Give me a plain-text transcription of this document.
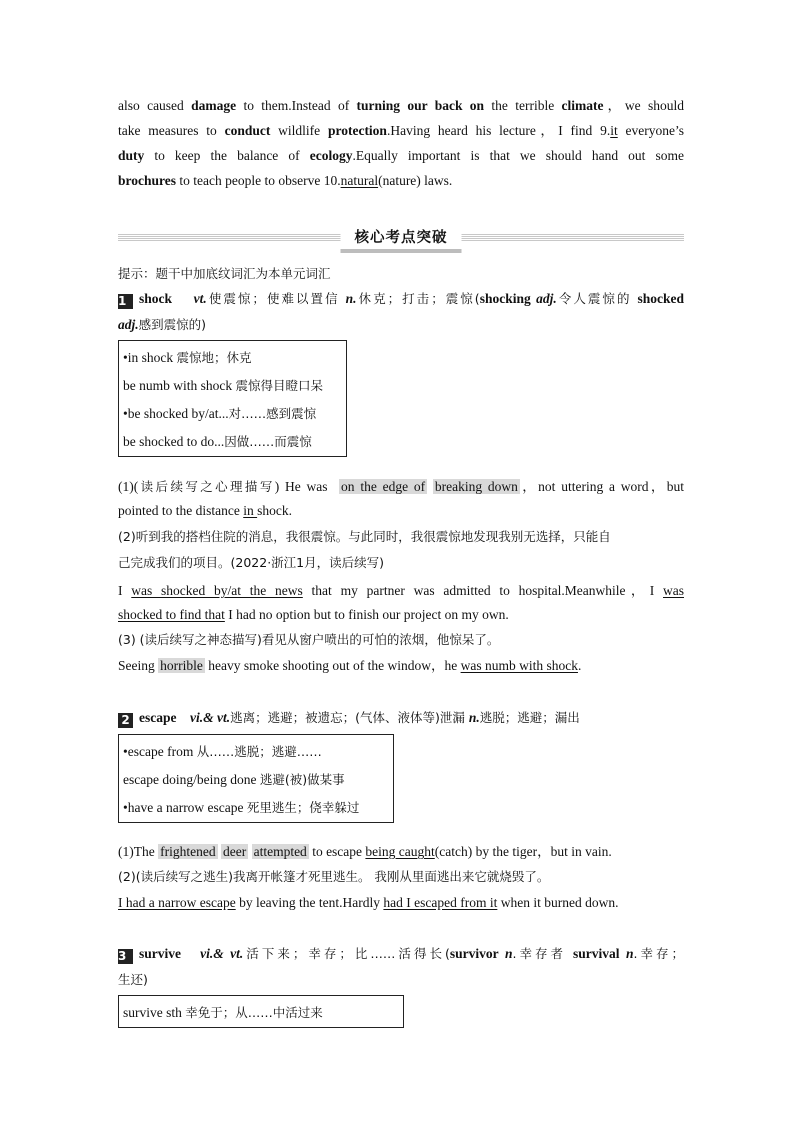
also caused damage to them.Instead of turning our back on the terrible climate，we should
take measures to conduct wildlife protection.Having heard his lecture，I find 9.it everyone’s
duty to keep the balance of ecology.Equally important is that we should hand out some
brochures to teach people to observe 10.natural(nature) laws.
核心考点突破
提示：题干中加底纹词汇为本单元词汇
1 shock vt.使震惊；使难以置信 n.休克；打击；震惊(shocking adj.令人震惊的 shocked
adj.感到震惊的)
•in shock 震惊地；休克
be numb with shock 震惊得目瞪口呆
•be shocked by/at...对……感到震惊
be shocked to do...因做……而震惊
(1)(读后续写之心理描写) He was  on the edge of breaking down ，not uttering a word，but
pointed to the distance in shock.
(2)听到我的搭档住院的消息，我很震惊。与此同时，我很震惊地发现我别无选择，只能自
己完成我们的项目。(2022·浙江1月，读后续写)
I was shocked by/at the news that my partner was admitted to hospital.Meanwhile，I was
shocked to find that I had no option but to finish our project on my own.
(3) (读后续写之神态描写)看见从窗户喷出的可怕的浓烟，他惊呆了。
Seeing horrible heavy smoke shooting out of the window，he was numb with shock.
2 escape vi.& vt.逃离；逃避；被遗忘；(气体、液体等)泄漏 n.逃脱；逃避；漏出
•escape from 从……逃脱；逃避……
escape doing/being done 逃避(被)做某事
•have a narrow escape 死里逃生；侥幸躲过
(1)The frightened deer attempted to escape being caught(catch) by the tiger，but in vain.
(2)(读后续写之逃生)我离开帐篷才死里逃生。 我刚从里面逃出来它就烧毁了。
I had a narrow escape by leaving the tent.Hardly had I escaped from it when it burned down.
3 survive vi.& vt.活下来；幸存；比……活得长(survivor n.幸存者 survival n.幸存；
生还)
survive sth 幸免于；从……中活过来
